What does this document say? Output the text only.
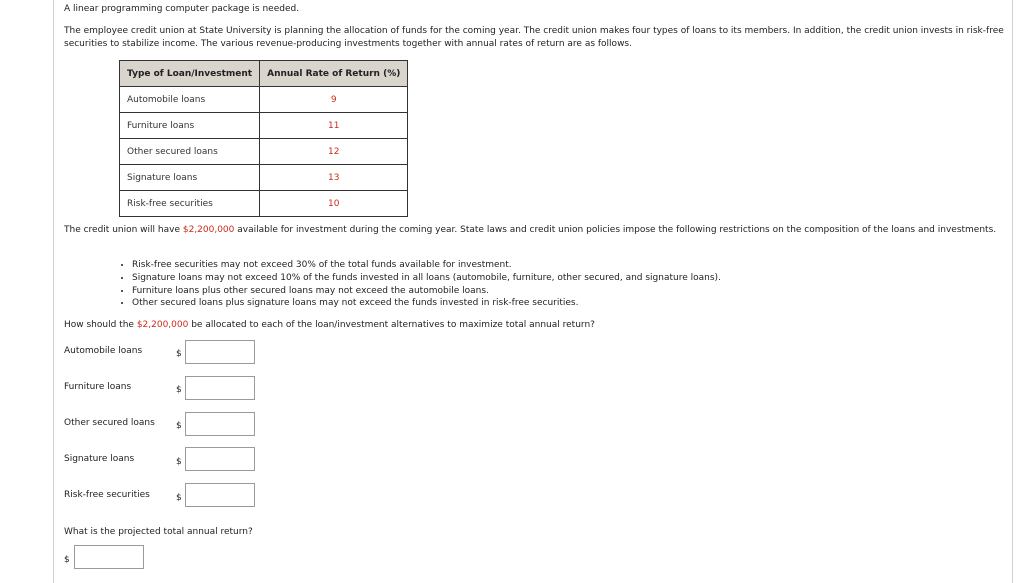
A linear programming computer package is needed.

The employee credit union at State University is planning the allocation of funds for the coming year. The credit union makes four types of loans to its members. In addition, the credit union invests in risk-free securities to stabilize income. The various revenue-producing investments together with annual rates of return are as follows.

Type of Loan/Investment	Annual Rate of Return (%)
Automobile loans	9
Furniture loans	11
Other secured loans	12
Signature loans	13
Risk-free securities	10

The credit union will have $2,200,000 available for investment during the coming year. State laws and credit union policies impose the following restrictions on the composition of the loans and investments.

• Risk-free securities may not exceed 30% of the total funds available for investment.
• Signature loans may not exceed 10% of the funds invested in all loans (automobile, furniture, other secured, and signature loans).
• Furniture loans plus other secured loans may not exceed the automobile loans.
• Other secured loans plus signature loans may not exceed the funds invested in risk-free securities.

How should the $2,200,000 be allocated to each of the loan/investment alternatives to maximize total annual return?

Automobile loans	$
Furniture loans	$
Other secured loans $
Signature loans	$
Risk-free securities	$

What is the projected total annual return?

$
